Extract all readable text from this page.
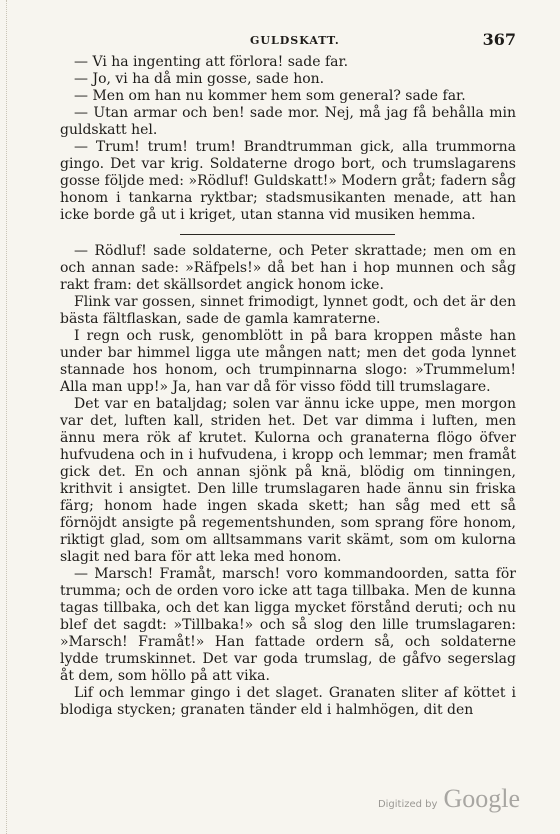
GULDSKATT.	367

— Vi ha ingenting att förlora! sade far.

— Jo, vi ha då min gosse, sade hon.

— Men om han nu kommer hem som general? sade far.

— Utan armar och ben! sade mor. Nej, må jag få behålla min guldskatt hel.

— Trum! trum! trum! Brandtrumman gick, alla trummorna gingo. Det var krig. Soldaterne drogo bort, och trumslagarens gosse följde med: »Rödluf! Guldskatt!» Modern gråt; fadern såg honom i tankarna ryktbar; stadsmusikanten menade, att han icke borde gå ut i kriget, utan stanna vid musiken hemma.

— Rödluf! sade soldaterne, och Peter skrattade; men om en och annan sade: »Räfpels!» då bet han i hop munnen och såg rakt fram: det skällsordet angick honom icke.

Flink var gossen, sinnet frimodigt, lynnet godt, och det är den bästa fältflaskan, sade de gamla kamraterne.

I regn och rusk, genomblött in på bara kroppen måste han under bar himmel ligga ute mången natt; men det goda lynnet stannade hos honom, och trumpinnarna slogo: »Trummelum! Alla man upp!» Ja, han var då för visso född till trumslagare.

Det var en bataljdag; solen var ännu icke uppe, men morgon var det, luften kall, striden het. Det var dimma i luften, men ännu mera rök af krutet. Kulorna och granaterna flögo öfver hufvudena och in i hufvudena, i kropp och lemmar; men framåt gick det. En och annan sjönk på knä, blödig om tinningen, krithvit i ansigtet. Den lille trumslagaren hade ännu sin friska färg; honom hade ingen skada skett; han såg med ett så förnöjdt ansigte på regementshunden, som sprang före honom, riktigt glad, som om alltsammans varit skämt, som om kulorna slagit ned bara för att leka med honom.

— Marsch! Framåt, marsch! voro kommandoorden, satta för trumma; och de orden voro icke att taga tillbaka. Men de kunna tagas tillbaka, och det kan ligga mycket förstånd deruti; och nu blef det sagdt: »Tillbaka!» och så slog den lille trumslagaren: »Marsch! Framåt!» Han fattade ordern så, och soldaterne lydde trumskinnet. Det var goda trumslag, de gåfvo segerslag åt dem, som höllo på att vika.

Lif och lemmar gingo i det slaget. Granaten sliter af köttet i blodiga stycken; granaten tänder eld i halmhögen, dit den

Digitized by Google
